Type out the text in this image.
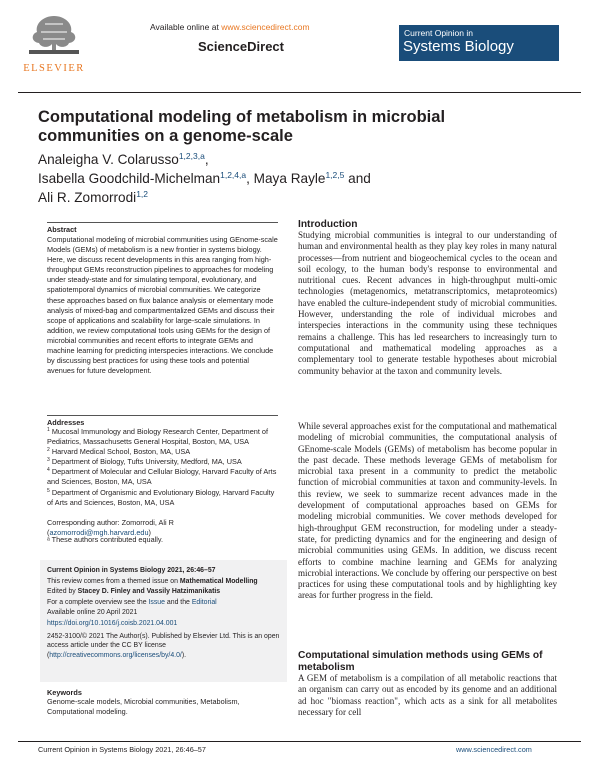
ELSEVIER
Available online at www.sciencedirect.com
ScienceDirect
Current Opinion in
Systems Biology
Computational modeling of metabolism in microbial communities on a genome-scale
Analeigha V. Colarusso$^{1,2,3,a}$,
Isabella Goodchild-Michelman$^{1,2,4,a}$, Maya Rayle$^{1,2,5}$ and
Ali R. Zomorrodi$^{1,2}$
Abstract
Computational modeling of microbial communities using GEnome-scale Models (GEMs) of metabolism is a new frontier in systems biology. Here, we discuss recent developments in this area ranging from high-throughput GEMs reconstruction pipelines to approaches for modeling under steady-state and for simulating temporal, evolutionary, and spatiotemporal dynamics of microbial communities. We categorize these approaches based on flux balance analysis or elementary mode analysis of mixed-bag and compartmentalized GEMs and discuss their scope of applications and scalability for large-scale simulations. In addition, we review computational tools using GEMs for the design of microbial communities and recent efforts to integrate GEMs and machine learning for predicting interspecies interactions. We conclude by discussing best practices for using these tools and potential avenues for future development.
Addresses
$^1$ Mucosal Immunology and Biology Research Center, Department of Pediatrics, Massachusetts General Hospital, Boston, MA, USA
$^2$ Harvard Medical School, Boston, MA, USA
$^3$ Department of Biology, Tufts University, Medford, MA, USA
$^4$ Department of Molecular and Cellular Biology, Harvard Faculty of Arts and Sciences, Boston, MA, USA
$^5$ Department of Organismic and Evolutionary Biology, Harvard Faculty of Arts and Sciences, Boston, MA, USA
Corresponding author: Zomorrodi, Ali R (azomorrodi@mgh.harvard.edu)
ᵃ These authors contributed equally.
Current Opinion in Systems Biology 2021, 26:46–57
This review comes from a themed issue on Mathematical Modelling
Edited by Stacey D. Finley and Vassily Hatzimanikatis
For a complete overview see the Issue and the Editorial
Available online 20 April 2021
https://doi.org/10.1016/j.coisb.2021.04.001
2452-3100/© 2021 The Author(s). Published by Elsevier Ltd. This is an open access article under the CC BY license (http://creativecommons.org/licenses/by/4.0/).
Keywords
Genome-scale models, Microbial communities, Metabolism, Computational modeling.
Introduction
Studying microbial communities is integral to our understanding of human and environmental health as they play key roles in many natural processes—from nutrient and biogeochemical cycles to the ocean and soil ecology, to the human body's response to environmental and nutritional cues. Recent advances in high-throughput multi-omic technologies (metagenomics, metatranscriptomics, metaproteomics) have enabled the culture-independent study of microbial communities. However, understanding the role of individual microbes and interspecies interactions in the community using these techniques remains a challenge. This has led researchers to increasingly turn to computational and mathematical modeling approaches as a complementary tool to generate testable hypotheses about microbial community behavior at the taxon and community levels.
While several approaches exist for the computational and mathematical modeling of microbial communities, the computational analysis of GEnome-scale Models (GEMs) of metabolism has become popular in the past decade. These methods leverage GEMs of metabolism for microbial taxa present in a community to predict the metabolic function of microbial communities at taxon and community-levels. In this review, we seek to summarize recent advances made in the development of computational approaches based on GEMs for modeling microbial communities. We cover methods developed for high-throughput GEM reconstruction, for modeling under a steady-state, for predicting dynamics and for the engineering and design of microbial communities using GEMs. In addition, we discuss recent efforts to combine machine learning and GEMs for analyzing microbial interactions. We conclude by offering our perspective on best practices for using these computational tools and by highlighting key areas for further progress in the field.
Computational simulation methods using GEMs of metabolism
A GEM of metabolism is a compilation of all metabolic reactions that an organism can carry out as encoded by its genome and an additional ad hoc "biomass reaction", which acts as a sink for all metabolites necessary for cell
Current Opinion in Systems Biology 2021, 26:46–57	www.sciencedirect.com
